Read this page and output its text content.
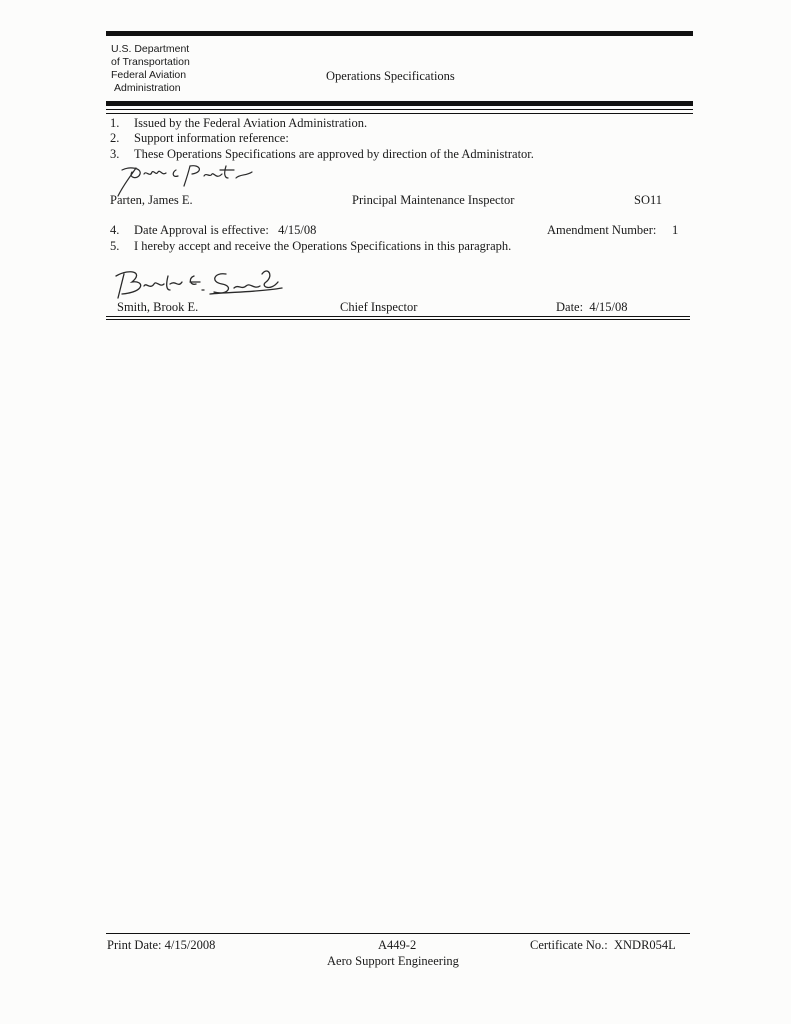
U.S. Department
of Transportation
Federal Aviation
Administration
Operations Specifications
1. Issued by the Federal Aviation Administration.
2. Support information reference:
3. These Operations Specifications are approved by direction of the Administrator.
Parten, James E.	Principal Maintenance Inspector	SO11
4. Date Approval is effective: 4/15/08	Amendment Number: 1
5. I hereby accept and receive the Operations Specifications in this paragraph.
Smith, Brook E.	Chief Inspector	Date: 4/15/08
Print Date: 4/15/2008	A449-2
Aero Support Engineering
Certificate No.: XNDR054L
